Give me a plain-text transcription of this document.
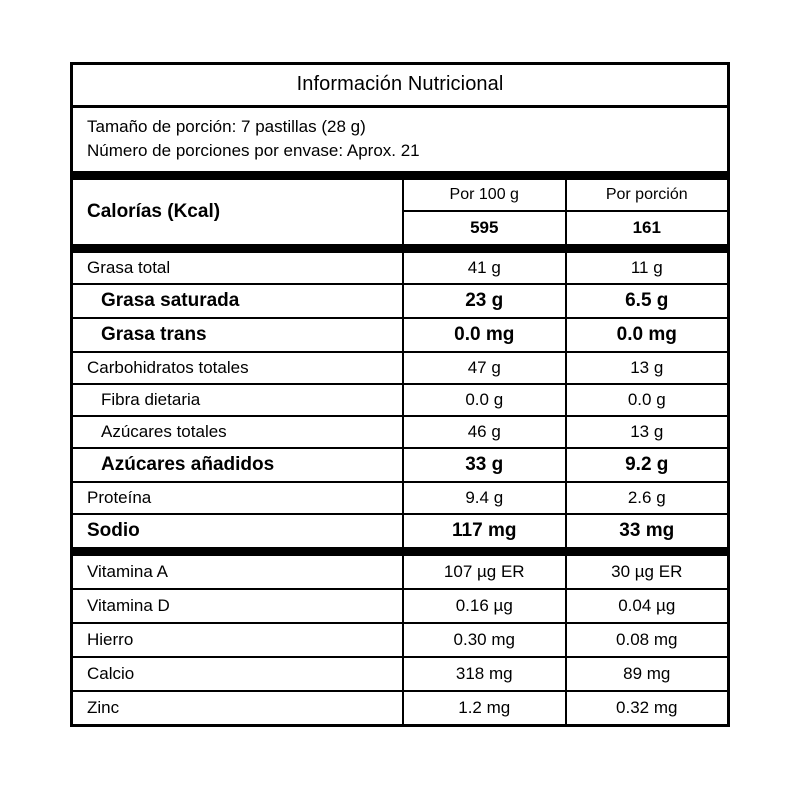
Información Nutricional
Tamaño de porción: 7 pastillas (28 g)
Número de porciones por envase: Aprox. 21
Calorías (Kcal)
Por 100 g	Por porción
595	161
Grasa total	41 g	11 g
Grasa saturada	23 g	6.5 g
Grasa trans	0.0 mg	0.0 mg
Carbohidratos totales	47 g	13 g
Fibra dietaria	0.0 g	0.0 g
Azúcares totales	46 g	13 g
Azúcares añadidos	33 g	9.2 g
Proteína	9.4 g	2.6 g
Sodio	117 mg	33 mg
Vitamina A	107 µg ER	30 µg ER
Vitamina D	0.16 µg	0.04 µg
Hierro	0.30 mg	0.08 mg
Calcio	318 mg	89 mg
Zinc	1.2 mg	0.32 mg
